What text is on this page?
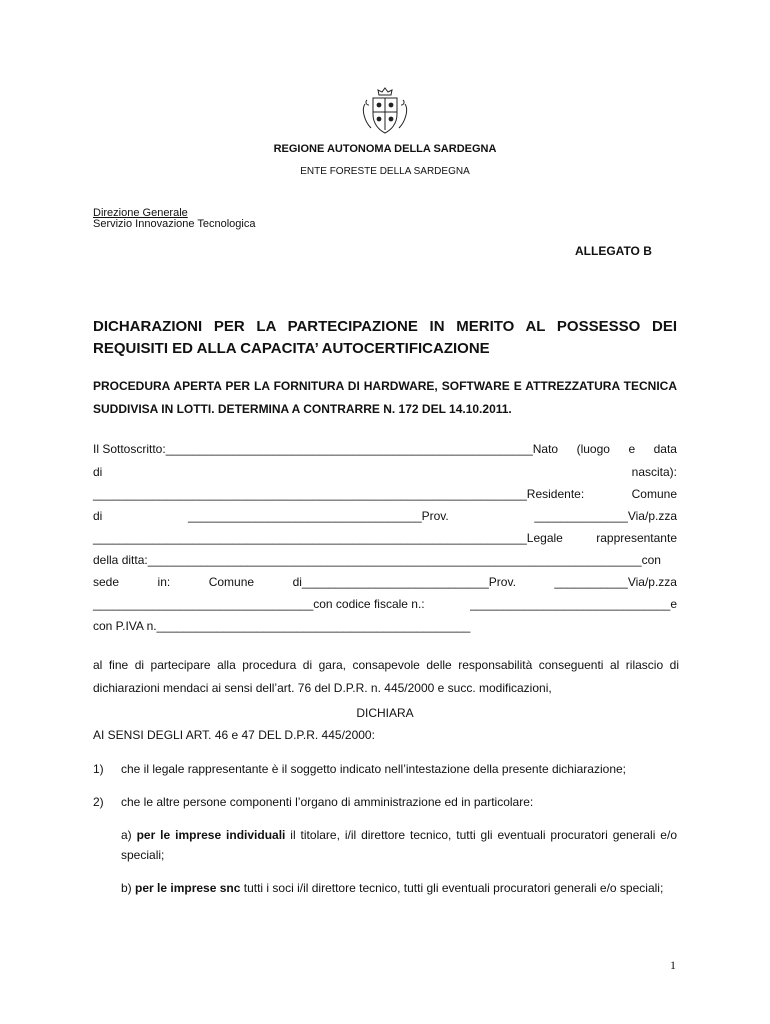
REGIONE AUTONOMA DELLA SARDEGNA
ENTE FORESTE DELLA SARDEGNA
Direzione Generale
Servizio Innovazione Tecnologica
ALLEGATO B
DICHARAZIONI PER LA PARTECIPAZIONE IN MERITO AL POSSESSO DEI REQUISITI ED ALLA CAPACITA’ AUTOCERTIFICAZIONE
PROCEDURA APERTA PER LA FORNITURA DI HARDWARE, SOFTWARE E ATTREZZATURA TECNICA SUDDIVISA IN LOTTI. DETERMINA A CONTRARRE N. 172 DEL 14.10.2011.
Il Sottoscritto:_______________________________________________________Nato (luogo e data
di	nascita):
_________________________________________________________________Residente:	Comune
di	___________________________________Prov.	______________Via/p.zza
_________________________________________________________________Legale	rappresentante
della ditta:__________________________________________________________________________con
sede	in:	Comune	di____________________________Prov.	___________Via/p.zza
_________________________________con codice fiscale n.:	______________________________e
con P.IVA n._______________________________________________
al fine di partecipare alla procedura di gara, consapevole delle responsabilità conseguenti al rilascio di dichiarazioni mendaci ai sensi dell’art. 76 del D.P.R. n. 445/2000 e succ. modificazioni,
DICHIARA
AI SENSI DEGLI ART. 46 e 47 DEL D.P.R. 445/2000:
1) che il legale rappresentante è il soggetto indicato nell’intestazione della presente dichiarazione;
2) che le altre persone componenti l’organo di amministrazione ed in particolare:
a) per le imprese individuali il titolare, i/il direttore tecnico, tutti gli eventuali procuratori generali e/o speciali;
b) per le imprese snc tutti i soci i/il direttore tecnico, tutti gli eventuali procuratori generali e/o speciali;
1
